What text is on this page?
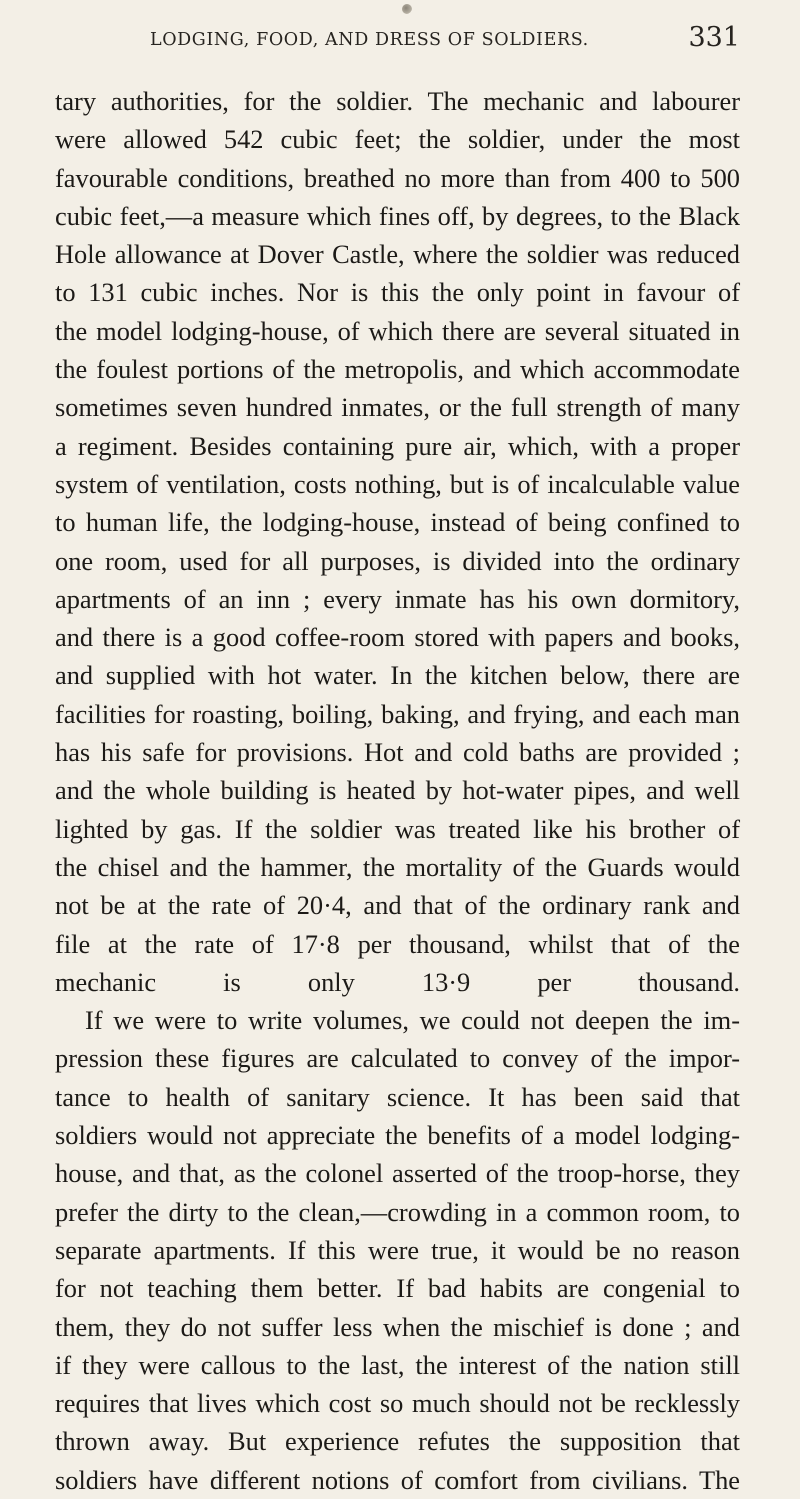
LODGING, FOOD, AND DRESS OF SOLDIERS.	331
tary authorities, for the soldier. The mechanic and labourer
were allowed 542 cubic feet; the soldier, under the most
favourable conditions, breathed no more than from 400 to 500
cubic feet,—a measure which fines off, by degrees, to the Black
Hole allowance at Dover Castle, where the soldier was reduced
to 131 cubic inches. Nor is this the only point in favour of
the model lodging-house, of which there are several situated in
the foulest portions of the metropolis, and which accommodate
sometimes seven hundred inmates, or the full strength of many
a regiment. Besides containing pure air, which, with a proper
system of ventilation, costs nothing, but is of incalculable value
to human life, the lodging-house, instead of being confined to
one room, used for all purposes, is divided into the ordinary
apartments of an inn ; every inmate has his own dormitory,
and there is a good coffee-room stored with papers and books,
and supplied with hot water. In the kitchen below, there are
facilities for roasting, boiling, baking, and frying, and each man
has his safe for provisions. Hot and cold baths are provided ;
and the whole building is heated by hot-water pipes, and well
lighted by gas. If the soldier was treated like his brother of
the chisel and the hammer, the mortality of the Guards would
not be at the rate of 20·4, and that of the ordinary rank and
file at the rate of 17·8 per thousand, whilst that of the
mechanic is only 13·9 per thousand.
If we were to write volumes, we could not deepen the im-
pression these figures are calculated to convey of the impor-
tance to health of sanitary science. It has been said that
soldiers would not appreciate the benefits of a model lodging-
house, and that, as the colonel asserted of the troop-horse, they
prefer the dirty to the clean,—crowding in a common room, to
separate apartments. If this were true, it would be no reason
for not teaching them better. If bad habits are congenial to
them, they do not suffer less when the mischief is done ; and
if they were callous to the last, the interest of the nation still
requires that lives which cost so much should not be recklessly
thrown away. But experience refutes the supposition that
soldiers have different notions of comfort from civilians. The
